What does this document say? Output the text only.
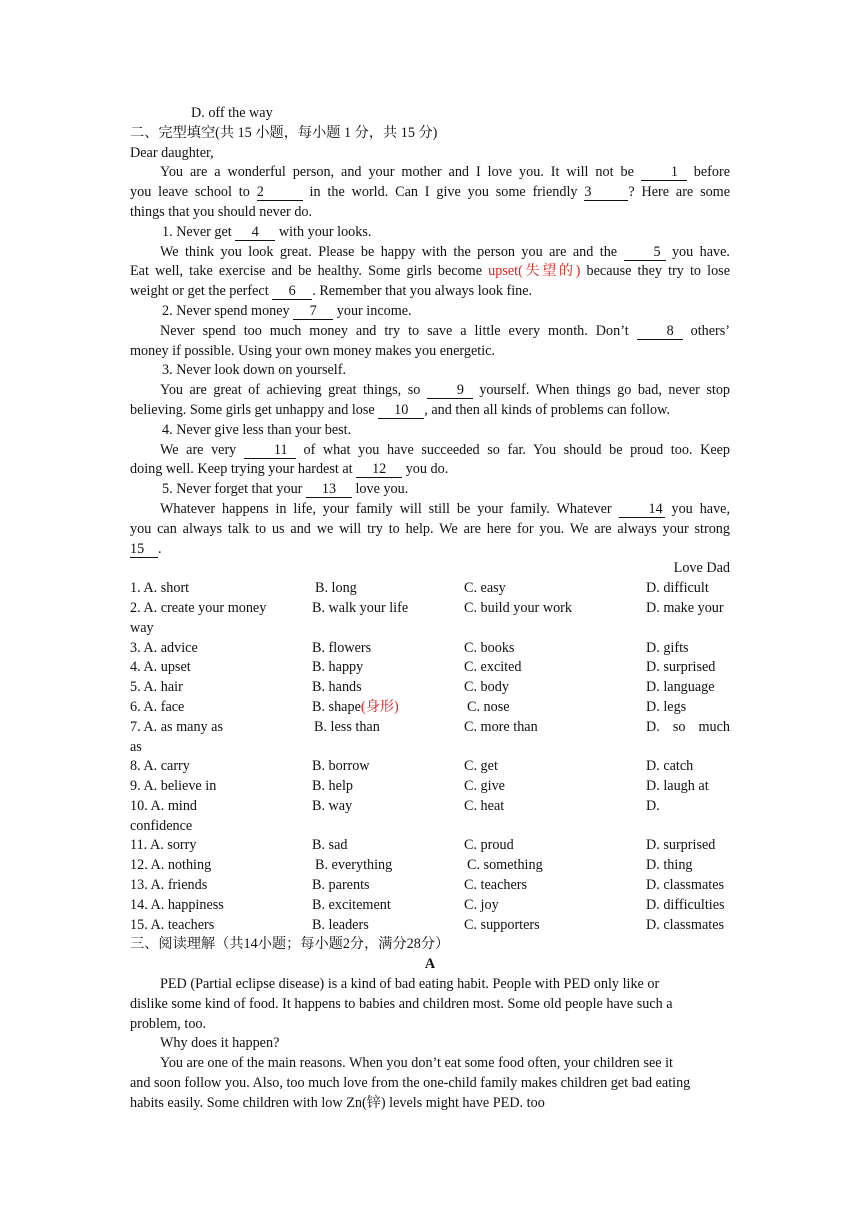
D. off the way
二、完型填空(共 15 小题，每小题 1 分，共 15 分)
Dear daughter,
You are a wonderful person, and your mother and I love you. It will not be	1 before
you leave school to 2	in the world. Can I give you some friendly 3	? Here are some
things that you should never do.
1. Never get 4 with your looks.
We think you look great. Please be happy with the person you are and the	5 you have.
Eat well, take exercise and be healthy. Some girls become upset(失望的) because they try to lose
weight or get the perfect 6 . Remember that you always look fine.
2. Never spend money 7 your income.
Never spend too much money and try to save a little every month. Don’t	8 others’
money if possible. Using your own money makes you energetic.
3. Never look down on yourself.
You are great of achieving great things, so	9 yourself. When things go bad, never stop
believing. Some girls get unhappy and lose 10 , and then all kinds of problems can follow.
4. Never give less than your best.
We are very	11 of what you have succeeded so far. You should be proud too. Keep
doing well. Keep trying your hardest at 12 you do.
5. Never forget that your 13 love you.
Whatever happens in life, your family will still be your family. Whatever	14 you have,
you can always talk to us and we will try to help. We are here for you. We are always your strong
15 .
Love Dad
1. A. short	B. long	C. easy	D. difficult
2. A. create your money	B. walk your life	C. build your work	D. make your
way
3. A. advice	B. flowers	C. books	D. gifts
4. A. upset	B. happy	C. excited	D. surprised
5. A. hair	B. hands	C. body	D. language
6. A. face	B. shape(身形)	C. nose	D. legs
7. A. as many as	B. less than	C. more than	D. so much
as
8. A. carry	B. borrow	C. get	D. catch
9. A. believe in	B. help	C. give	D. laugh at
10. A. mind	B. way	C. heat	D.
confidence
11. A. sorry	B. sad	C. proud	D. surprised
12. A. nothing	B. everything	C. something	D. thing
13. A. friends	B. parents	C. teachers	D. classmates
14. A. happiness	B. excitement	C. joy	D. difficulties
15. A. teachers	B. leaders	C. supporters	D. classmates
三、阅读理解（共14小题；每小题2分，满分28分）
A
PED (Partial eclipse disease) is a kind of bad eating habit. People with PED only like or
dislike some kind of food. It happens to babies and children most. Some old people have such a
problem, too.
Why does it happen?
You are one of the main reasons. When you don’t eat some food often, your children see it
and soon follow you. Also, too much love from the one-child family makes children get bad eating
habits easily. Some children with low Zn(锌) levels might have PED. too
